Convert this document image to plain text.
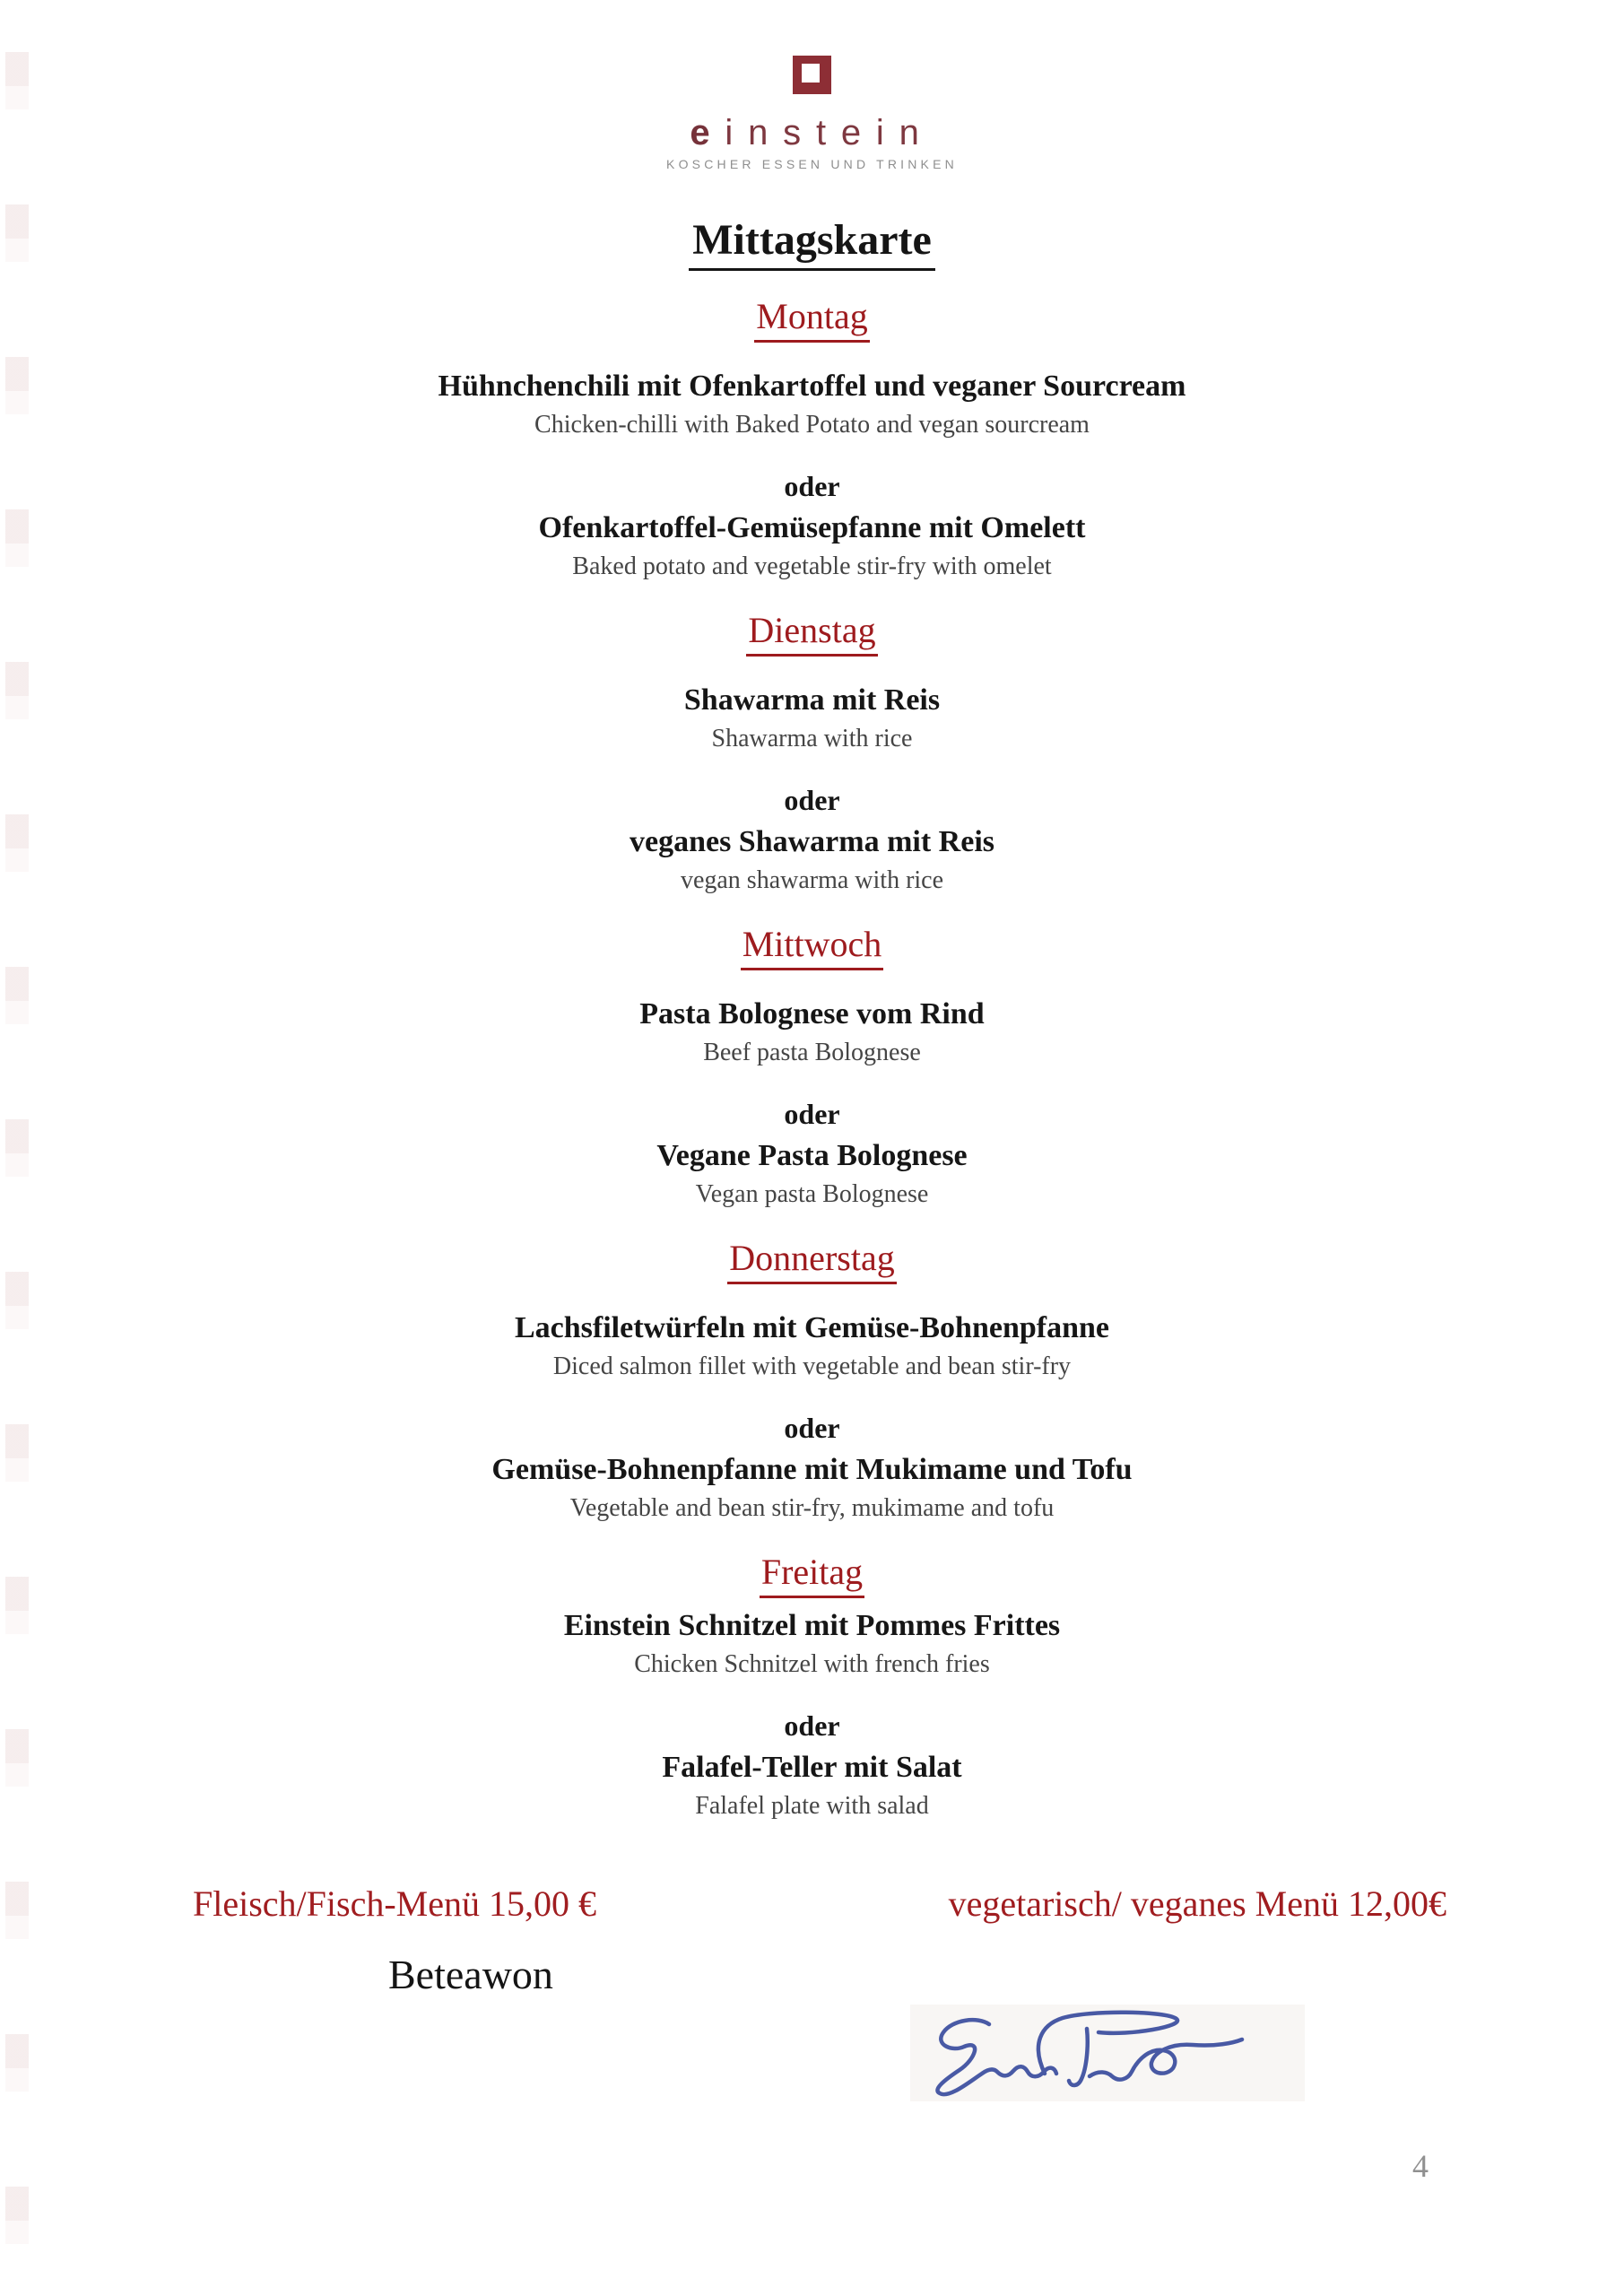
einstein
KOSCHER ESSEN UND TRINKEN
Mittagskarte
Montag
Hühnchenchili mit Ofenkartoffel und veganer Sourcream
Chicken-chilli with Baked Potato and vegan sourcream
oder
Ofenkartoffel-Gemüsepfanne mit Omelett
Baked potato and vegetable stir-fry with omelet
Dienstag
Shawarma mit Reis
Shawarma with rice
oder
veganes Shawarma mit Reis
vegan shawarma with rice
Mittwoch
Pasta Bolognese vom Rind
Beef pasta Bolognese
oder
Vegane Pasta Bolognese
Vegan pasta Bolognese
Donnerstag
Lachsfiletwürfeln mit Gemüse-Bohnenpfanne
Diced salmon fillet with vegetable and bean stir-fry
oder
Gemüse-Bohnenpfanne mit Mukimame und Tofu
Vegetable and bean stir-fry, mukimame and tofu
Freitag
Einstein Schnitzel mit Pommes Frittes
Chicken Schnitzel with french fries
oder
Falafel-Teller mit Salat
Falafel plate with salad
Fleisch/Fisch-Menü 15,00 €	vegetarisch/ veganes Menü 12,00€
Beteawon
4
